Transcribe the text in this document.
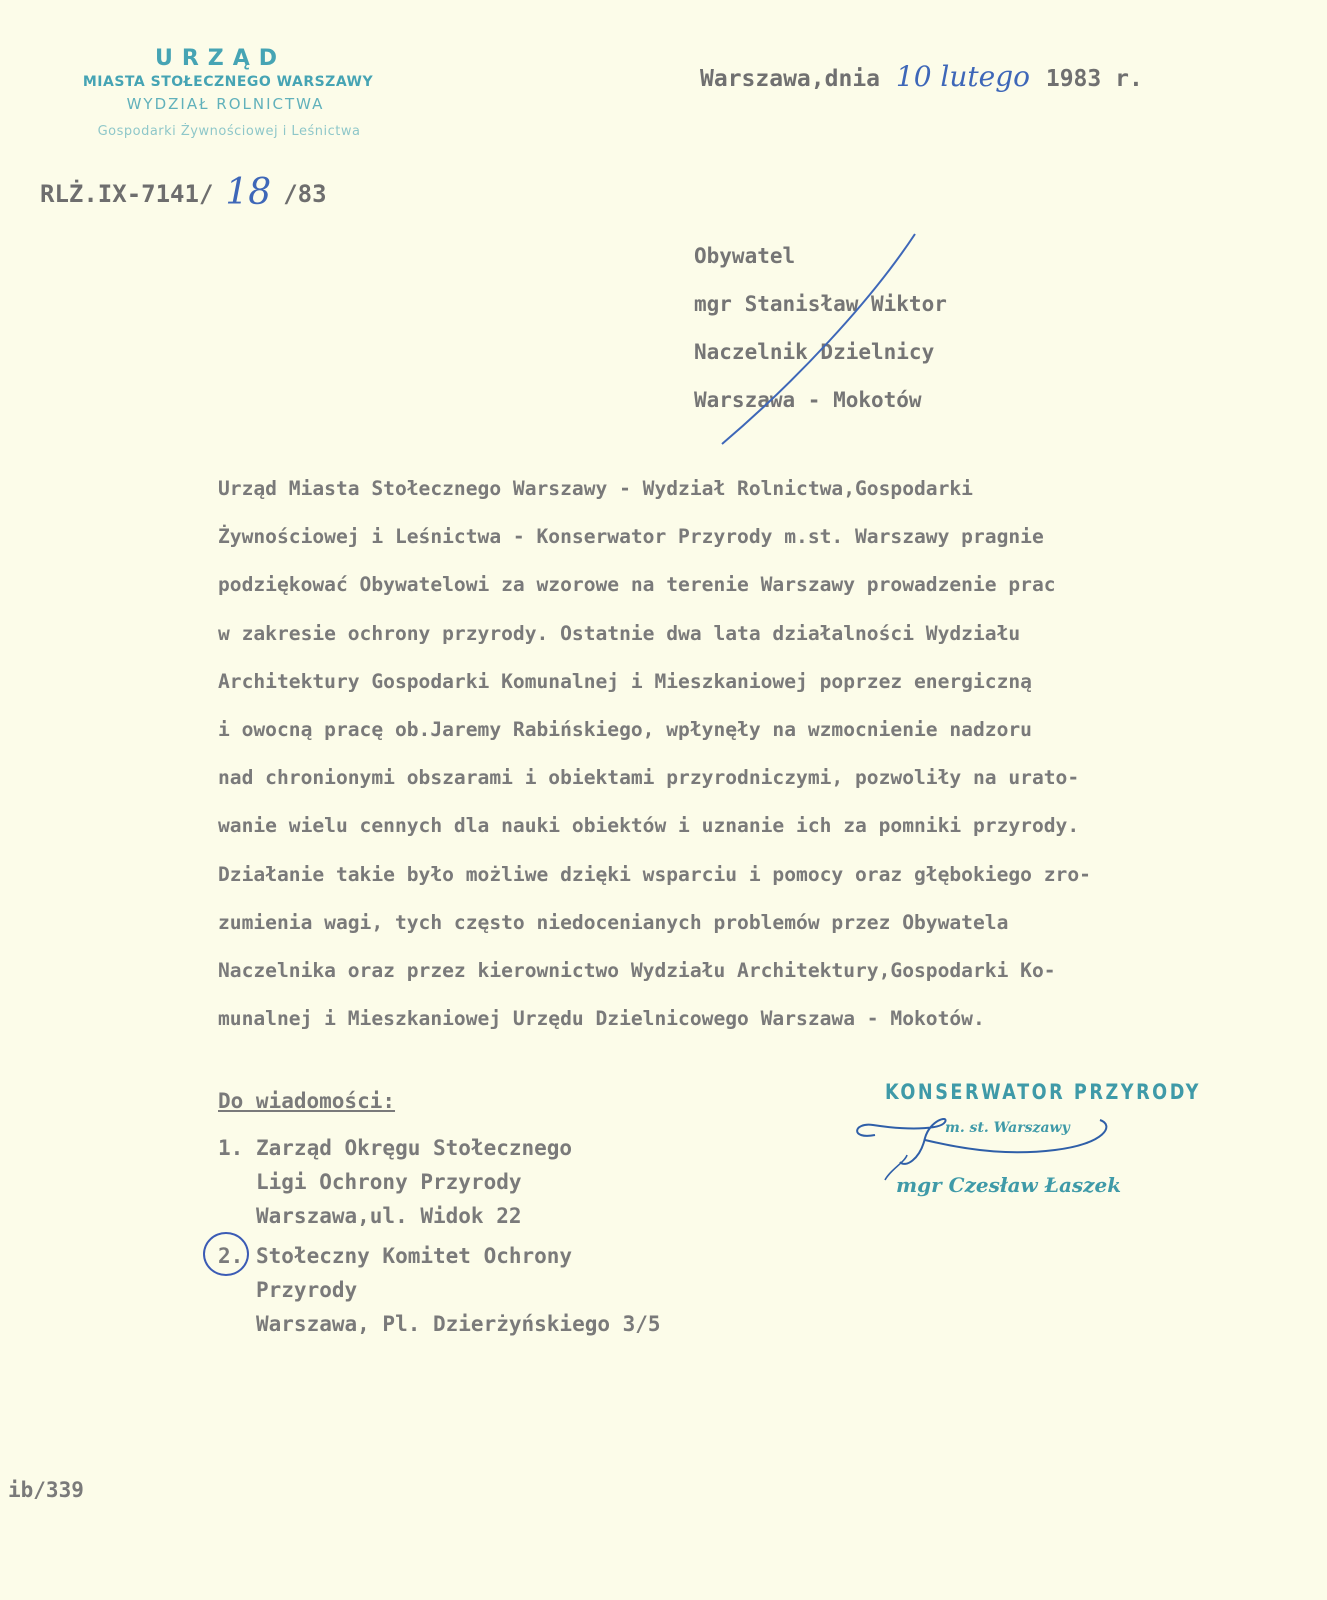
URZĄD
MIASTA STOŁECZNEGO WARSZAWY
WYDZIAŁ ROLNICTWA
Gospodarki Żywnościowej i Leśnictwa
RLŻ.IX-7141/ 18 /83
Warszawa,dnia 10 lutego 1983 r.
Obywatel
mgr Stanisław Wiktor
Naczelnik Dzielnicy
Warszawa - Mokotów
Urząd Miasta Stołecznego Warszawy - Wydział Rolnictwa,Gospodarki
Żywnościowej i Leśnictwa - Konserwator Przyrody m.st. Warszawy pragnie
podziękować Obywatelowi za wzorowe na terenie Warszawy prowadzenie prac
w zakresie ochrony przyrody. Ostatnie dwa lata działalności Wydziału
Architektury Gospodarki Komunalnej i Mieszkaniowej poprzez energiczną
i owocną pracę ob.Jaremy Rabińskiego, wpłynęły na wzmocnienie nadzoru
nad chronionymi obszarami i obiektami przyrodniczymi, pozwoliły na urato-
wanie wielu cennych dla nauki obiektów i uznanie ich za pomniki przyrody.
Działanie takie było możliwe dzięki wsparciu i pomocy oraz głębokiego zro-
zumienia wagi, tych często niedocenianych problemów przez Obywatela
Naczelnika oraz przez kierownictwo Wydziału Architektury,Gospodarki Ko-
munalnej i Mieszkaniowej Urzędu Dzielnicowego Warszawa - Mokotów.
Do wiadomości:
1. Zarząd Okręgu Stołecznego
Ligi Ochrony Przyrody
Warszawa,ul. Widok 22
2. Stołeczny Komitet Ochrony
Przyrody
Warszawa, Pl. Dzierżyńskiego 3/5
KONSERWATOR PRZYRODY
m. st. Warszawy
mgr Czesław Łaszek
ib/339
